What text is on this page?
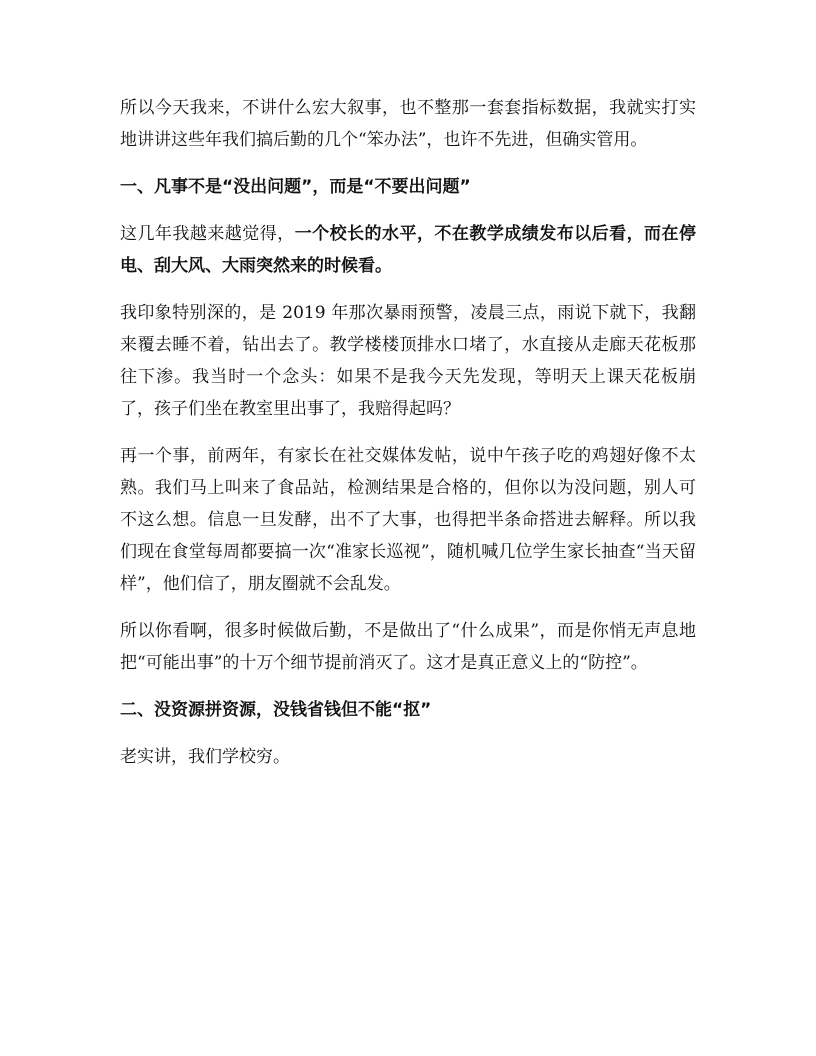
所以今天我来，不讲什么宏大叙事，也不整那一套套指标数据，我就实打实地讲讲这些年我们搞后勤的几个“笨办法”，也许不先进，但确实管用。

一、凡事不是“没出问题”，而是“不要出问题”

这几年我越来越觉得，一个校长的水平，不在教学成绩发布以后看，而在停电、刮大风、大雨突然来的时候看。

我印象特别深的，是 2019 年那次暴雨预警，凌晨三点，雨说下就下，我翻来覆去睡不着，钻出去了。教学楼楼顶排水口堵了，水直接从走廊天花板那往下渗。我当时一个念头：如果不是我今天先发现，等明天上课天花板崩了，孩子们坐在教室里出事了，我赔得起吗？

再一个事，前两年，有家长在社交媒体发帖，说中午孩子吃的鸡翅好像不太熟。我们马上叫来了食品站，检测结果是合格的，但你以为没问题，别人可不这么想。信息一旦发酵，出不了大事，也得把半条命搭进去解释。所以我们现在食堂每周都要搞一次“准家长巡视”，随机喊几位学生家长抽查“当天留样”，他们信了，朋友圈就不会乱发。

所以你看啊，很多时候做后勤，不是做出了“什么成果”，而是你悄无声息地把“可能出事”的十万个细节提前消灭了。这才是真正意义上的“防控”。

二、没资源拼资源，没钱省钱但不能“抠”

老实讲，我们学校穷。
